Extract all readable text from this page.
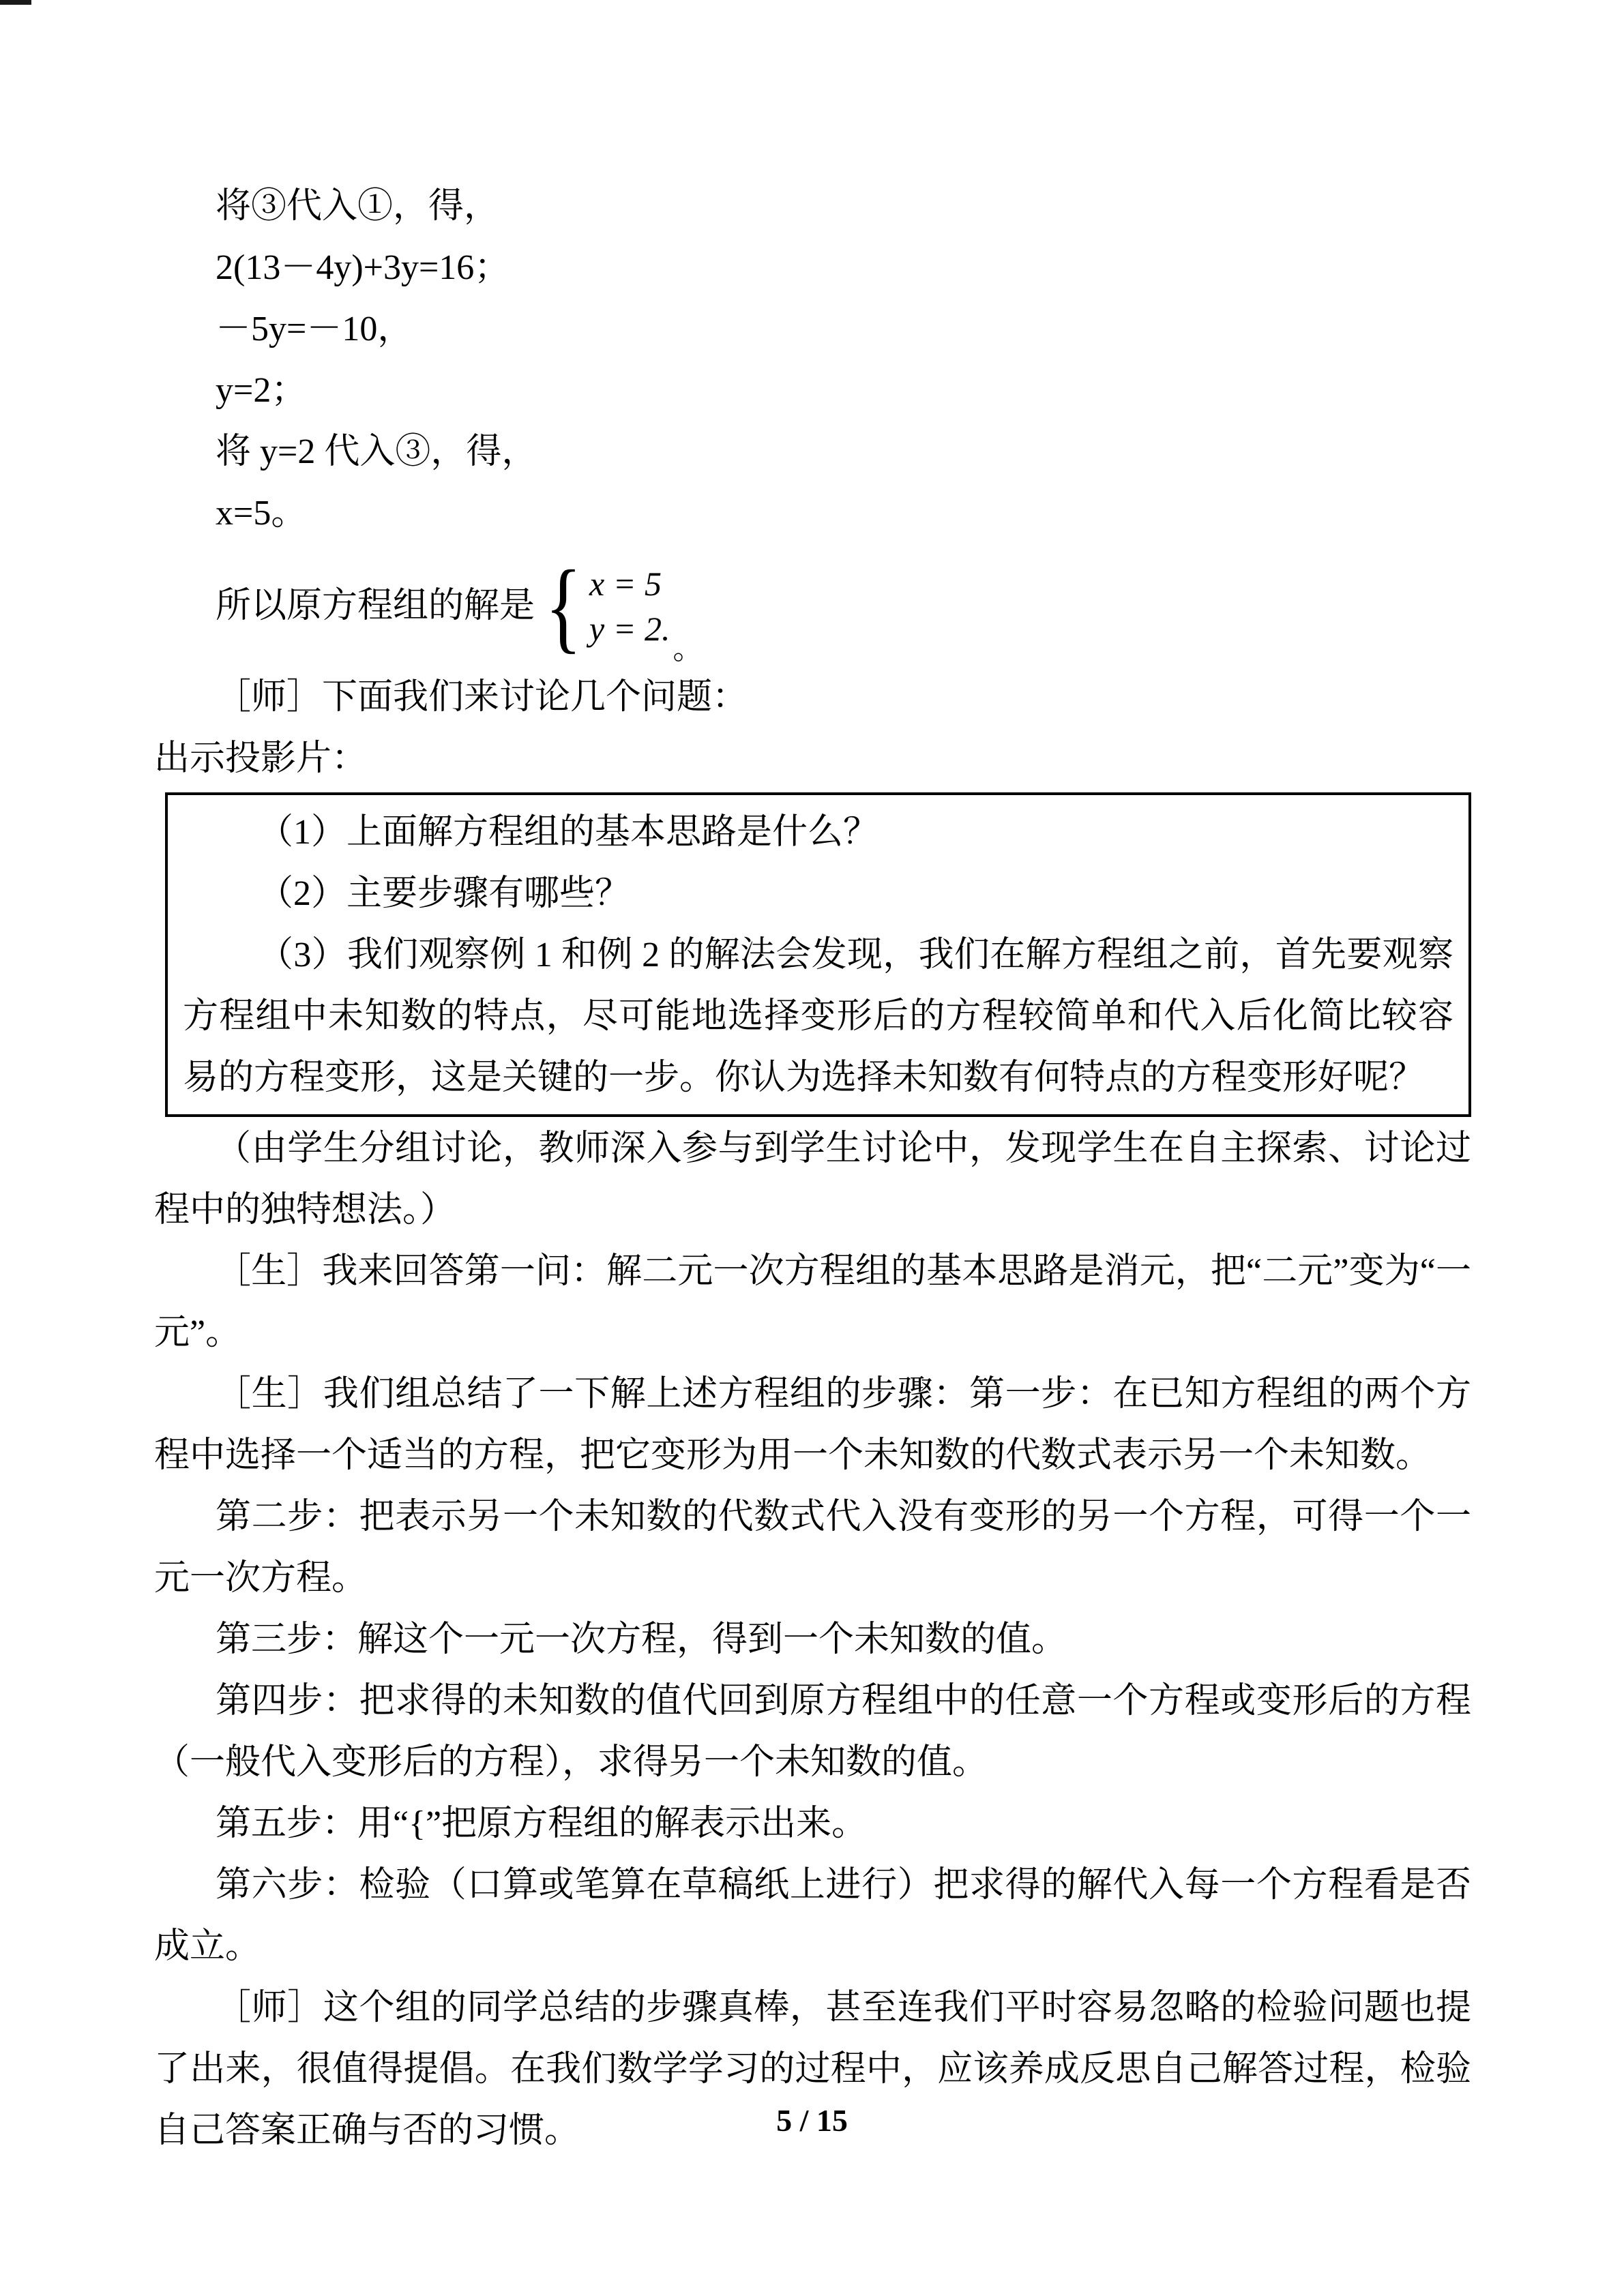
将③代入①，得，

2(13－4y)+3y=16；

－5y=－10，

y=2；

将 y=2 代入③，得，

x=5。

所以原方程组的解是 { x = 5
y = 2.
。

［师］下面我们来讨论几个问题：

出示投影片：

（1）上面解方程组的基本思路是什么？

（2）主要步骤有哪些？

（3）我们观察例 1 和例 2 的解法会发现，我们在解方程组之前，首先要观察方程组中未知数的特点，尽可能地选择变形后的方程较简单和代入后化简比较容易的方程变形，这是关键的一步。你认为选择未知数有何特点的方程变形好呢？

（由学生分组讨论，教师深入参与到学生讨论中，发现学生在自主探索、讨论过程中的独特想法。）

［生］我来回答第一问：解二元一次方程组的基本思路是消元，把“二元”变为“一元”。

［生］我们组总结了一下解上述方程组的步骤：第一步：在已知方程组的两个方程中选择一个适当的方程，把它变形为用一个未知数的代数式表示另一个未知数。

第二步：把表示另一个未知数的代数式代入没有变形的另一个方程，可得一个一元一次方程。

第三步：解这个一元一次方程，得到一个未知数的值。

第四步：把求得的未知数的值代回到原方程组中的任意一个方程或变形后的方程（一般代入变形后的方程），求得另一个未知数的值。

第五步：用“{”把原方程组的解表示出来。

第六步：检验（口算或笔算在草稿纸上进行）把求得的解代入每一个方程看是否成立。

［师］这个组的同学总结的步骤真棒，甚至连我们平时容易忽略的检验问题也提了出来，很值得提倡。在我们数学学习的过程中，应该养成反思自己解答过程，检验自己答案正确与否的习惯。	5 / 15
